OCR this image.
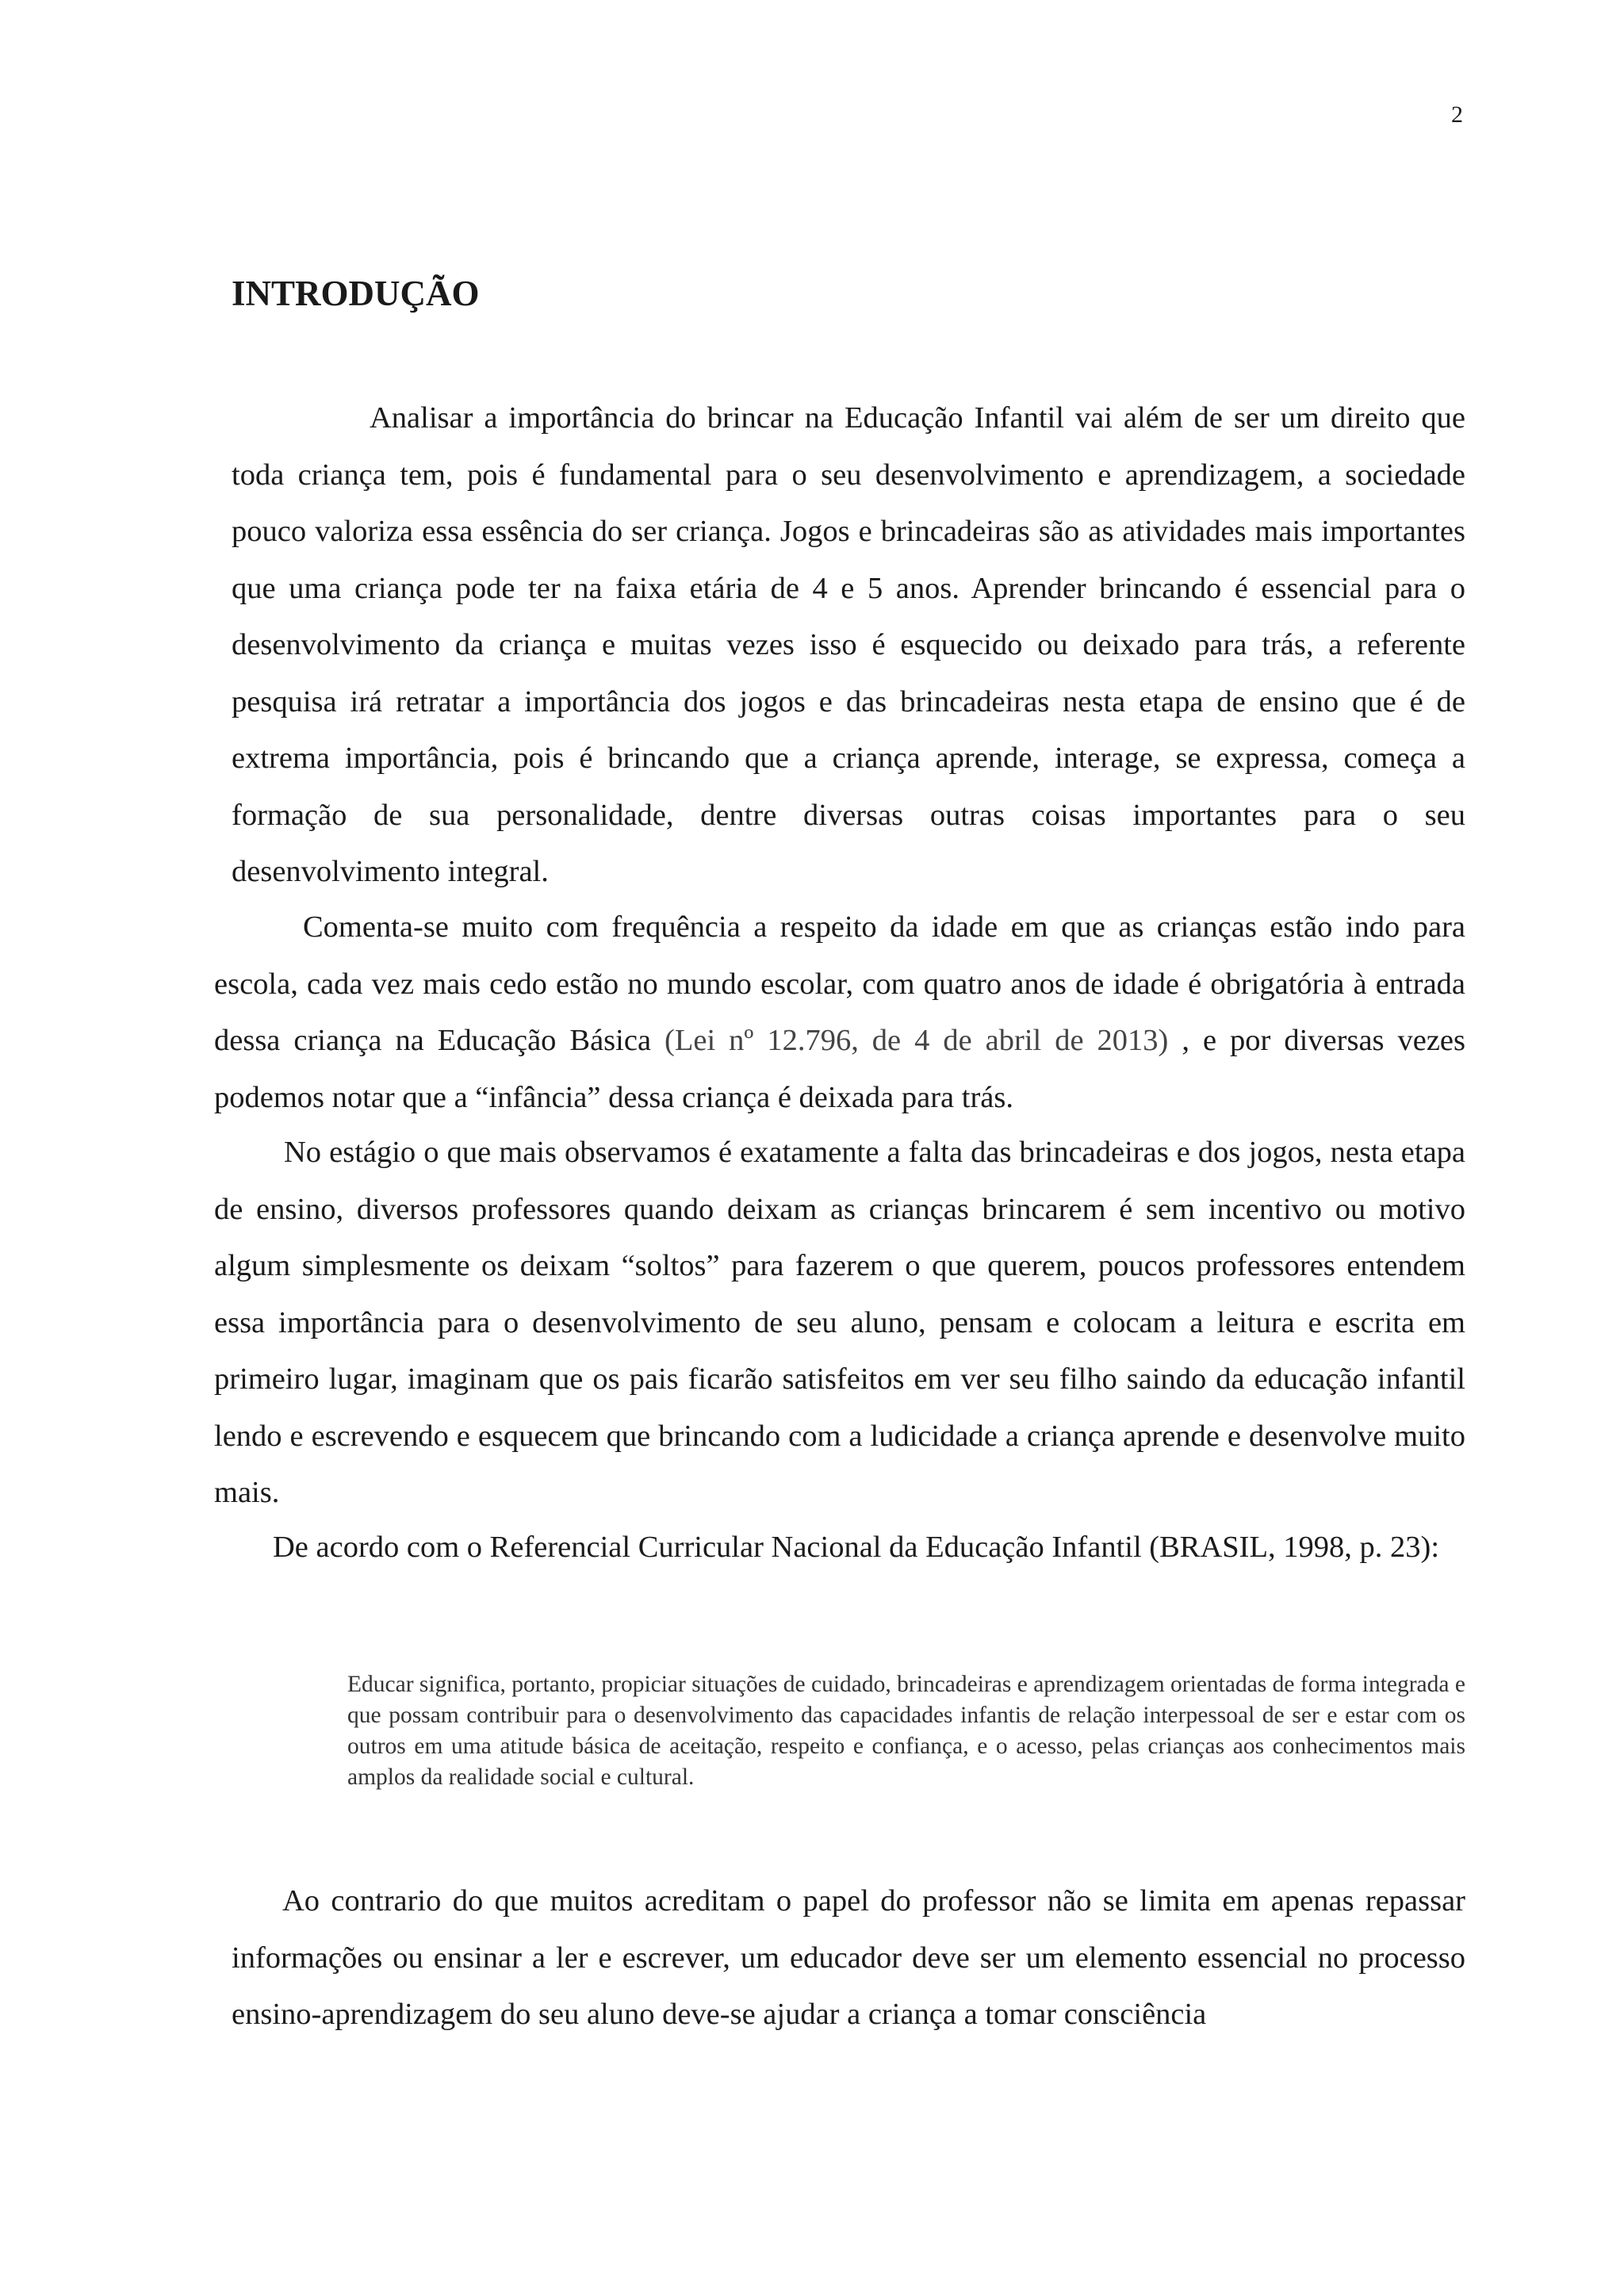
2
INTRODUÇÃO

Analisar a importância do brincar na Educação Infantil vai além de ser um direito que toda criança tem, pois é fundamental para o seu desenvolvimento e aprendizagem, a sociedade pouco valoriza essa essência do ser criança. Jogos e brincadeiras são as atividades mais importantes que uma criança pode ter na faixa etária de 4 e 5 anos. Aprender brincando é essencial para o desenvolvimento da criança e muitas vezes isso é esquecido ou deixado para trás, a referente pesquisa irá retratar a importância dos jogos e das brincadeiras nesta etapa de ensino que é de extrema importância, pois é brincando que a criança aprende, interage, se expressa, começa a formação de sua personalidade, dentre diversas outras coisas importantes para o seu desenvolvimento integral.

Comenta-se muito com frequência a respeito da idade em que as crianças estão indo para escola, cada vez mais cedo estão no mundo escolar, com quatro anos de idade é obrigatória à entrada dessa criança na Educação Básica (Lei nº 12.796, de 4 de abril de 2013) , e por diversas vezes podemos notar que a “infância” dessa criança é deixada para trás.

No estágio o que mais observamos é exatamente a falta das brincadeiras e dos jogos, nesta etapa de ensino, diversos professores quando deixam as crianças brincarem é sem incentivo ou motivo algum simplesmente os deixam “soltos” para fazerem o que querem, poucos professores entendem essa importância para o desenvolvimento de seu aluno, pensam e colocam a leitura e escrita em primeiro lugar, imaginam que os pais ficarão satisfeitos em ver seu filho saindo da educação infantil lendo e escrevendo e esquecem que brincando com a ludicidade a criança aprende e desenvolve muito mais.

De acordo com o Referencial Curricular Nacional da Educação Infantil (BRASIL, 1998, p. 23):

Educar significa, portanto, propiciar situações de cuidado, brincadeiras e aprendizagem orientadas de forma integrada e que possam contribuir para o desenvolvimento das capacidades infantis de relação interpessoal de ser e estar com os outros em uma atitude básica de aceitação, respeito e confiança, e o acesso, pelas crianças aos conhecimentos mais amplos da realidade social e cultural.

Ao contrario do que muitos acreditam o papel do professor não se limita em apenas repassar informações ou ensinar a ler e escrever, um educador deve ser um elemento essencial no processo ensino-aprendizagem do seu aluno deve-se ajudar a criança a tomar consciência
